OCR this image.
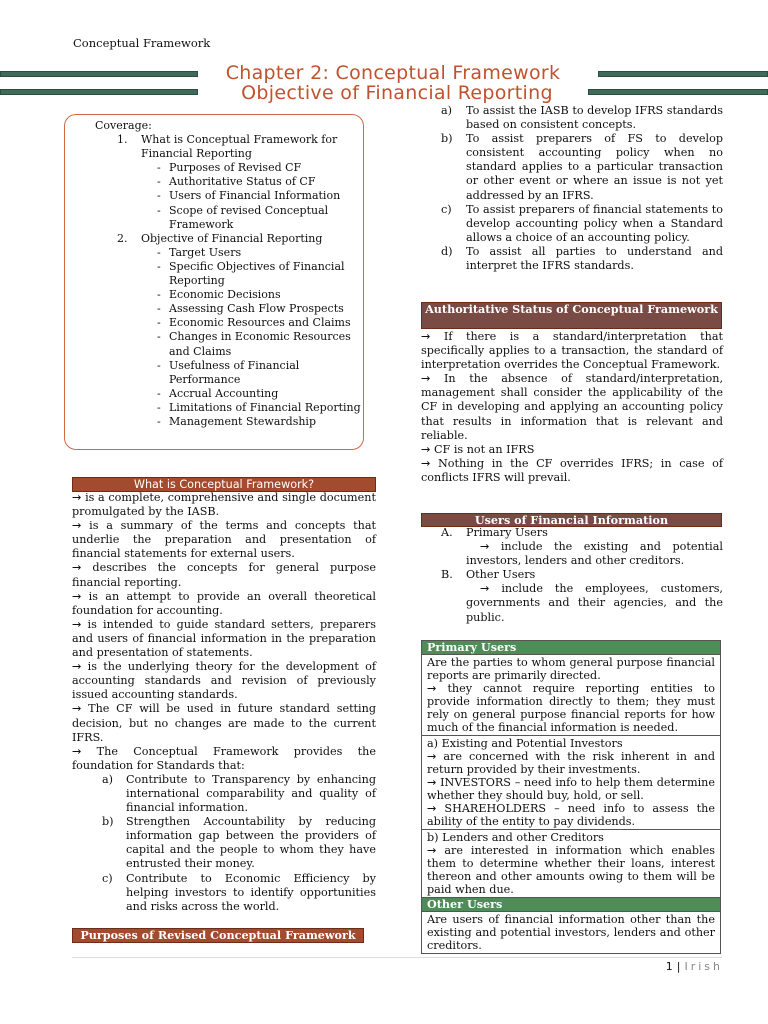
Conceptual Framework
Chapter 2: Conceptual Framework
Objective of Financial Reporting
Coverage:
1.	What is Conceptual Framework for Financial Reporting
- Purposes of Revised CF
- Authoritative Status of CF
- Users of Financial Information
- Scope of revised Conceptual Framework
2.	Objective of Financial Reporting
- Target Users
- Specific Objectives of Financial Reporting
- Economic Decisions
- Assessing Cash Flow Prospects
- Economic Resources and Claims
- Changes in Economic Resources and Claims
- Usefulness of Financial Performance
- Accrual Accounting
- Limitations of Financial Reporting
- Management Stewardship
What is Conceptual Framework?

→ is a complete, comprehensive and single document promulgated by the IASB.

→ is a summary of the terms and concepts that underlie the preparation and presentation of financial statements for external users.

→ describes the concepts for general purpose financial reporting.

→ is an attempt to provide an overall theoretical foundation for accounting.

→ is intended to guide standard setters, preparers and users of financial information in the preparation and presentation of statements.

→ is the underlying theory for the development of accounting standards and revision of previously issued accounting standards.

→ The CF will be used in future standard setting decision, but no changes are made to the current IFRS.

→ The Conceptual Framework provides the foundation for Standards that:

a) Contribute to Transparency by enhancing international comparability and quality of financial information.
b) Strengthen Accountability by reducing information gap between the providers of capital and the people to whom they have entrusted their money.
c) Contribute to Economic Efficiency by helping investors to identify opportunities and risks across the world.
Purposes of Revised Conceptual Framework
a) To assist the IASB to develop IFRS standards based on consistent concepts.
b) To assist preparers of FS to develop consistent accounting policy when no standard applies to a particular transaction or other event or where an issue is not yet addressed by an IFRS.
c) To assist preparers of financial statements to develop accounting policy when a Standard allows a choice of an accounting policy.
d) To assist all parties to understand and interpret the IFRS standards.
Authoritative Status of Conceptual Framework

→ If there is a standard/interpretation that specifically applies to a transaction, the standard of interpretation overrides the Conceptual Framework.

→ In the absence of standard/interpretation, management shall consider the applicability of the CF in developing and applying an accounting policy that results in information that is relevant and reliable.

→ CF is not an IFRS

→ Nothing in the CF overrides IFRS; in case of conflicts IFRS will prevail.

Users of Financial Information
A. Primary Users
→ include the existing and potential investors, lenders and other creditors.
B. Other Users
→ include the employees, customers, governments and their agencies, and the public.
Primary Users
Are the parties to whom general purpose financial reports are primarily directed.
→ they cannot require reporting entities to provide information directly to them; they must rely on general purpose financial reports for how much of the financial information is needed.
a) Existing and Potential Investors

→ are concerned with the risk inherent in and return provided by their investments.

→ INVESTORS – need info to help them determine whether they should buy, hold, or sell.

→ SHAREHOLDERS – need info to assess the ability of the entity to pay dividends.

b) Lenders and other Creditors
→ are interested in information which enables them to determine whether their loans, interest thereon and other amounts owing to them will be paid when due.
Other Users
Are users of financial information other than the existing and potential investors, lenders and other creditors.
1 | Irish
